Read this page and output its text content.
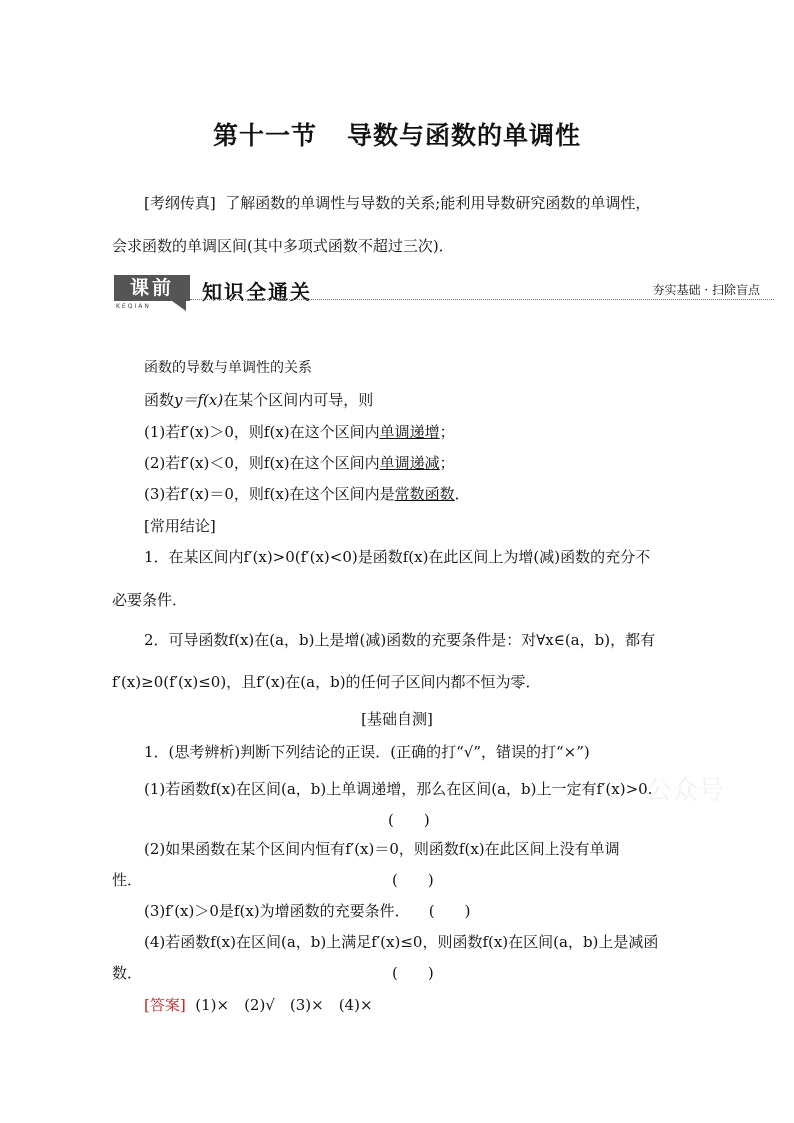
第十一节 导数与函数的单调性
[考纲传真] 了解函数的单调性与导数的关系;能利用导数研究函数的单调性，
会求函数的单调区间(其中多项式函数不超过三次)．
课前
KEQIAN
知识全通关	夯实基础 · 扫除盲点
函数的导数与单调性的关系
函数y＝f(x)在某个区间内可导，则
(1)若f′(x)＞0，则f(x)在这个区间内单调递增；
(2)若f′(x)＜0，则f(x)在这个区间内单调递减；
(3)若f′(x)＝0，则f(x)在这个区间内是常数函数．
[常用结论]
1．在某区间内f′(x)>0(f′(x)<0)是函数f(x)在此区间上为增(减)函数的充分不
必要条件．
2．可导函数f(x)在(a，b)上是增(减)函数的充要条件是：对∀x∈(a，b)，都有
f′(x)≥0(f′(x)≤0)，且f′(x)在(a，b)的任何子区间内都不恒为零．
[基础自测]
1．(思考辨析)判断下列结论的正误．(正确的打“√”，错误的打“×”)
(1)若函数f(x)在区间(a，b)上单调递增，那么在区间(a，b)上一定有f′(x)>0.
(　　)
(2)如果函数在某个区间内恒有f′(x)＝0，则函数f(x)在此区间上没有单调
性．	(　　)
(3)f′(x)＞0是f(x)为增函数的充要条件． (　　)
(4)若函数f(x)在区间(a，b)上满足f′(x)≤0，则函数f(x)在区间(a，b)上是减函
数．	(　　)
[答案] (1)×　(2)√　(3)×　(4)×
公众号
